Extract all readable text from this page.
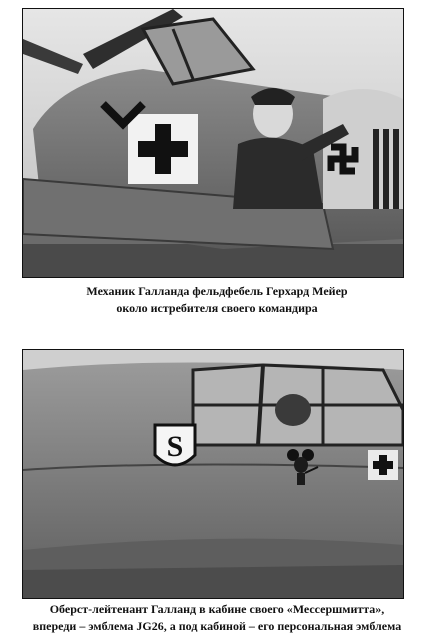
Механик Галланда фельдфебель Герхард Мейер
около истребителя своего командира
S
Оберст-лейтенант Галланд в кабине своего «Мессершмитта»,
впереди – эмблема JG26, а под кабиной – его персональная эмблема
